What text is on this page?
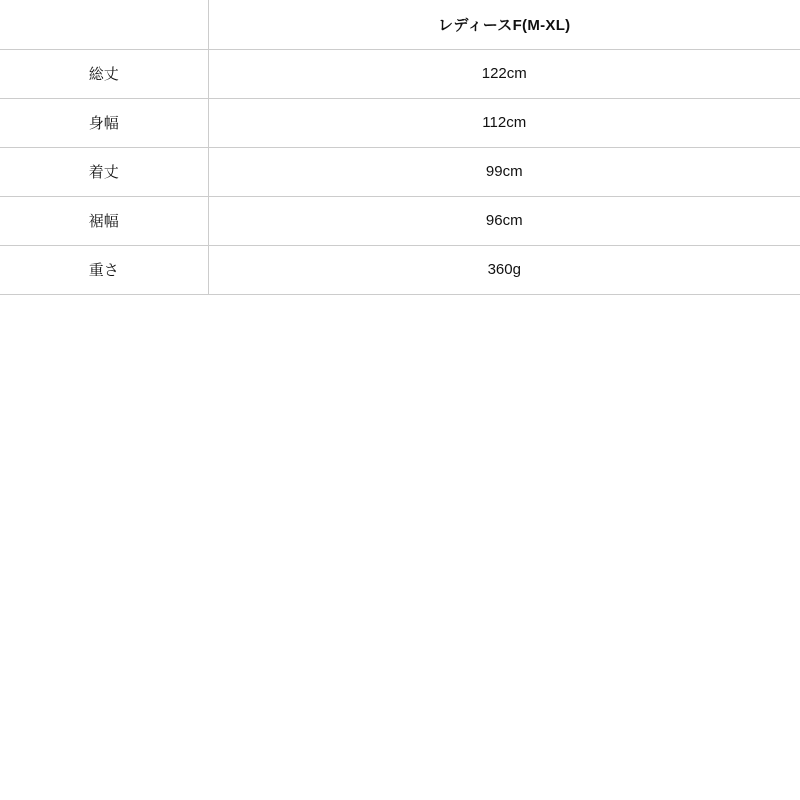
	レディースF(M-XL)
総丈	122cm
身幅	112cm
着丈	99cm
裾幅	96cm
重さ	360g
